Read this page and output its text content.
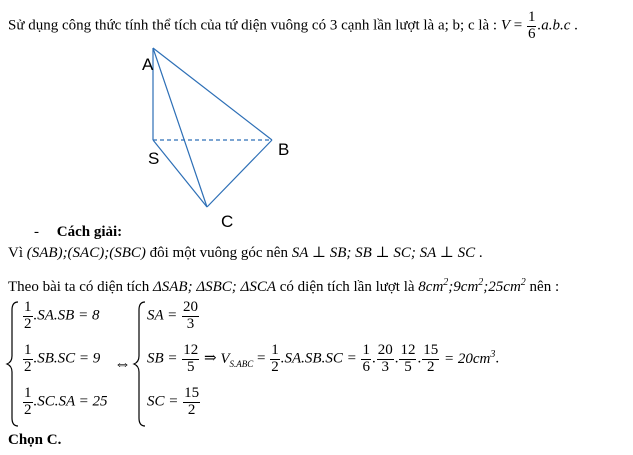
Sử dụng công thức tính thể tích của tứ diện vuông có 3 cạnh lần lượt là a; b; c là : $V = \frac{1}{6} .a.b.c$ .
A
S	B
C
- Cách giải:
Vì (SAB);(SAC);(SBC) đôi một vuông góc nên SA ⊥ SB; SB ⊥ SC; SA ⊥ SC .
Theo bài ta có diện tích ΔSAB; ΔSBC; ΔSCA có diện tích lần lượt là $8cm^2;9cm^2;25cm^2$ nên :
$\frac{1}{2} .SA.SB = 8$
$\frac{1}{2} .SB.SC = 9$
$\frac{1}{2} .SC.SA = 25$
⇔
SA = $\frac{20}{3}$
SB = $\frac{12}{5}$ ⇒ $V_{S.ABC} = \frac{1}{2} .SA.SB.SC = \frac{1}{6}$ . $\frac{20}{3}$ . $\frac{12}{5}$ . $\frac{15}{2} = 20cm^3$.
SC = $\frac{15}{2}$
Chọn C.
